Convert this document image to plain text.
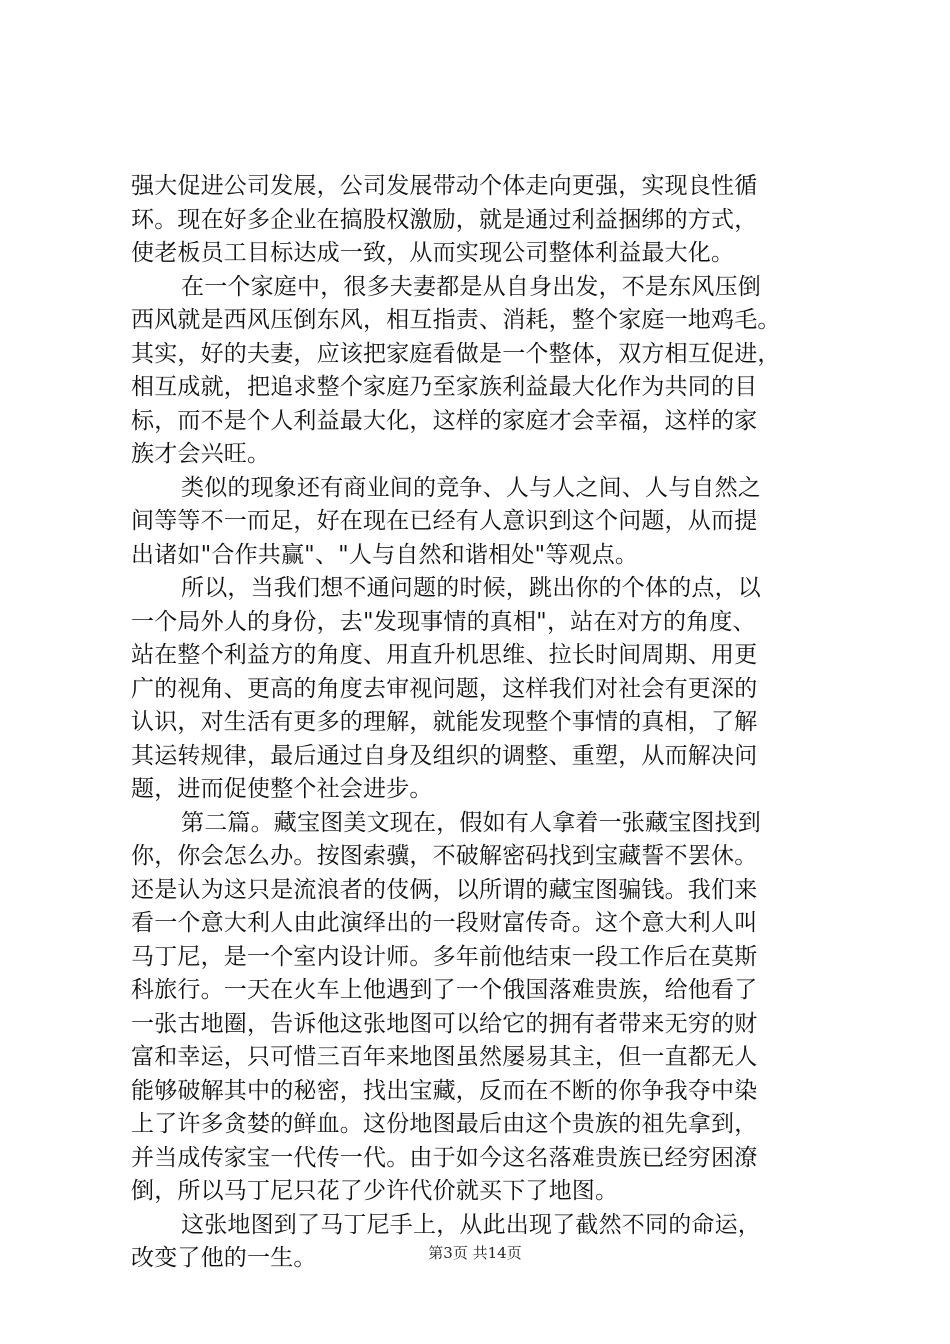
强大促进公司发展，公司发展带动个体走向更强，实现良性循
环。现在好多企业在搞股权激励，就是通过利益捆绑的方式，
使老板员工目标达成一致，从而实现公司整体利益最大化。
在一个家庭中，很多夫妻都是从自身出发，不是东风压倒
西风就是西风压倒东风，相互指责、消耗，整个家庭一地鸡毛。
其实，好的夫妻，应该把家庭看做是一个整体，双方相互促进，
相互成就，把追求整个家庭乃至家族利益最大化作为共同的目
标，而不是个人利益最大化，这样的家庭才会幸福，这样的家
族才会兴旺。
类似的现象还有商业间的竞争、人与人之间、人与自然之
间等等不一而足，好在现在已经有人意识到这个问题，从而提
出诸如"合作共赢"、"人与自然和谐相处"等观点。
所以，当我们想不通问题的时候，跳出你的个体的点，以
一个局外人的身份，去"发现事情的真相"，站在对方的角度、
站在整个利益方的角度、用直升机思维、拉长时间周期、用更
广的视角、更高的角度去审视问题，这样我们对社会有更深的
认识，对生活有更多的理解，就能发现整个事情的真相，了解
其运转规律，最后通过自身及组织的调整、重塑，从而解决问
题，进而促使整个社会进步。
第二篇。藏宝图美文现在，假如有人拿着一张藏宝图找到
你，你会怎么办。按图索骥，不破解密码找到宝藏誓不罢休。
还是认为这只是流浪者的伎俩，以所谓的藏宝图骗钱。我们来
看一个意大利人由此演绎出的一段财富传奇。这个意大利人叫
马丁尼，是一个室内设计师。多年前他结束一段工作后在莫斯
科旅行。一天在火车上他遇到了一个俄国落难贵族，给他看了
一张古地圈，告诉他这张地图可以给它的拥有者带来无穷的财
富和幸运，只可惜三百年来地图虽然屡易其主，但一直都无人
能够破解其中的秘密，找出宝藏，反而在不断的你争我夺中染
上了许多贪婪的鲜血。这份地图最后由这个贵族的祖先拿到，
并当成传家宝一代传一代。由于如今这名落难贵族已经穷困潦
倒，所以马丁尼只花了少许代价就买下了地图。
这张地图到了马丁尼手上，从此出现了截然不同的命运，
改变了他的一生。	第3页 共14页
